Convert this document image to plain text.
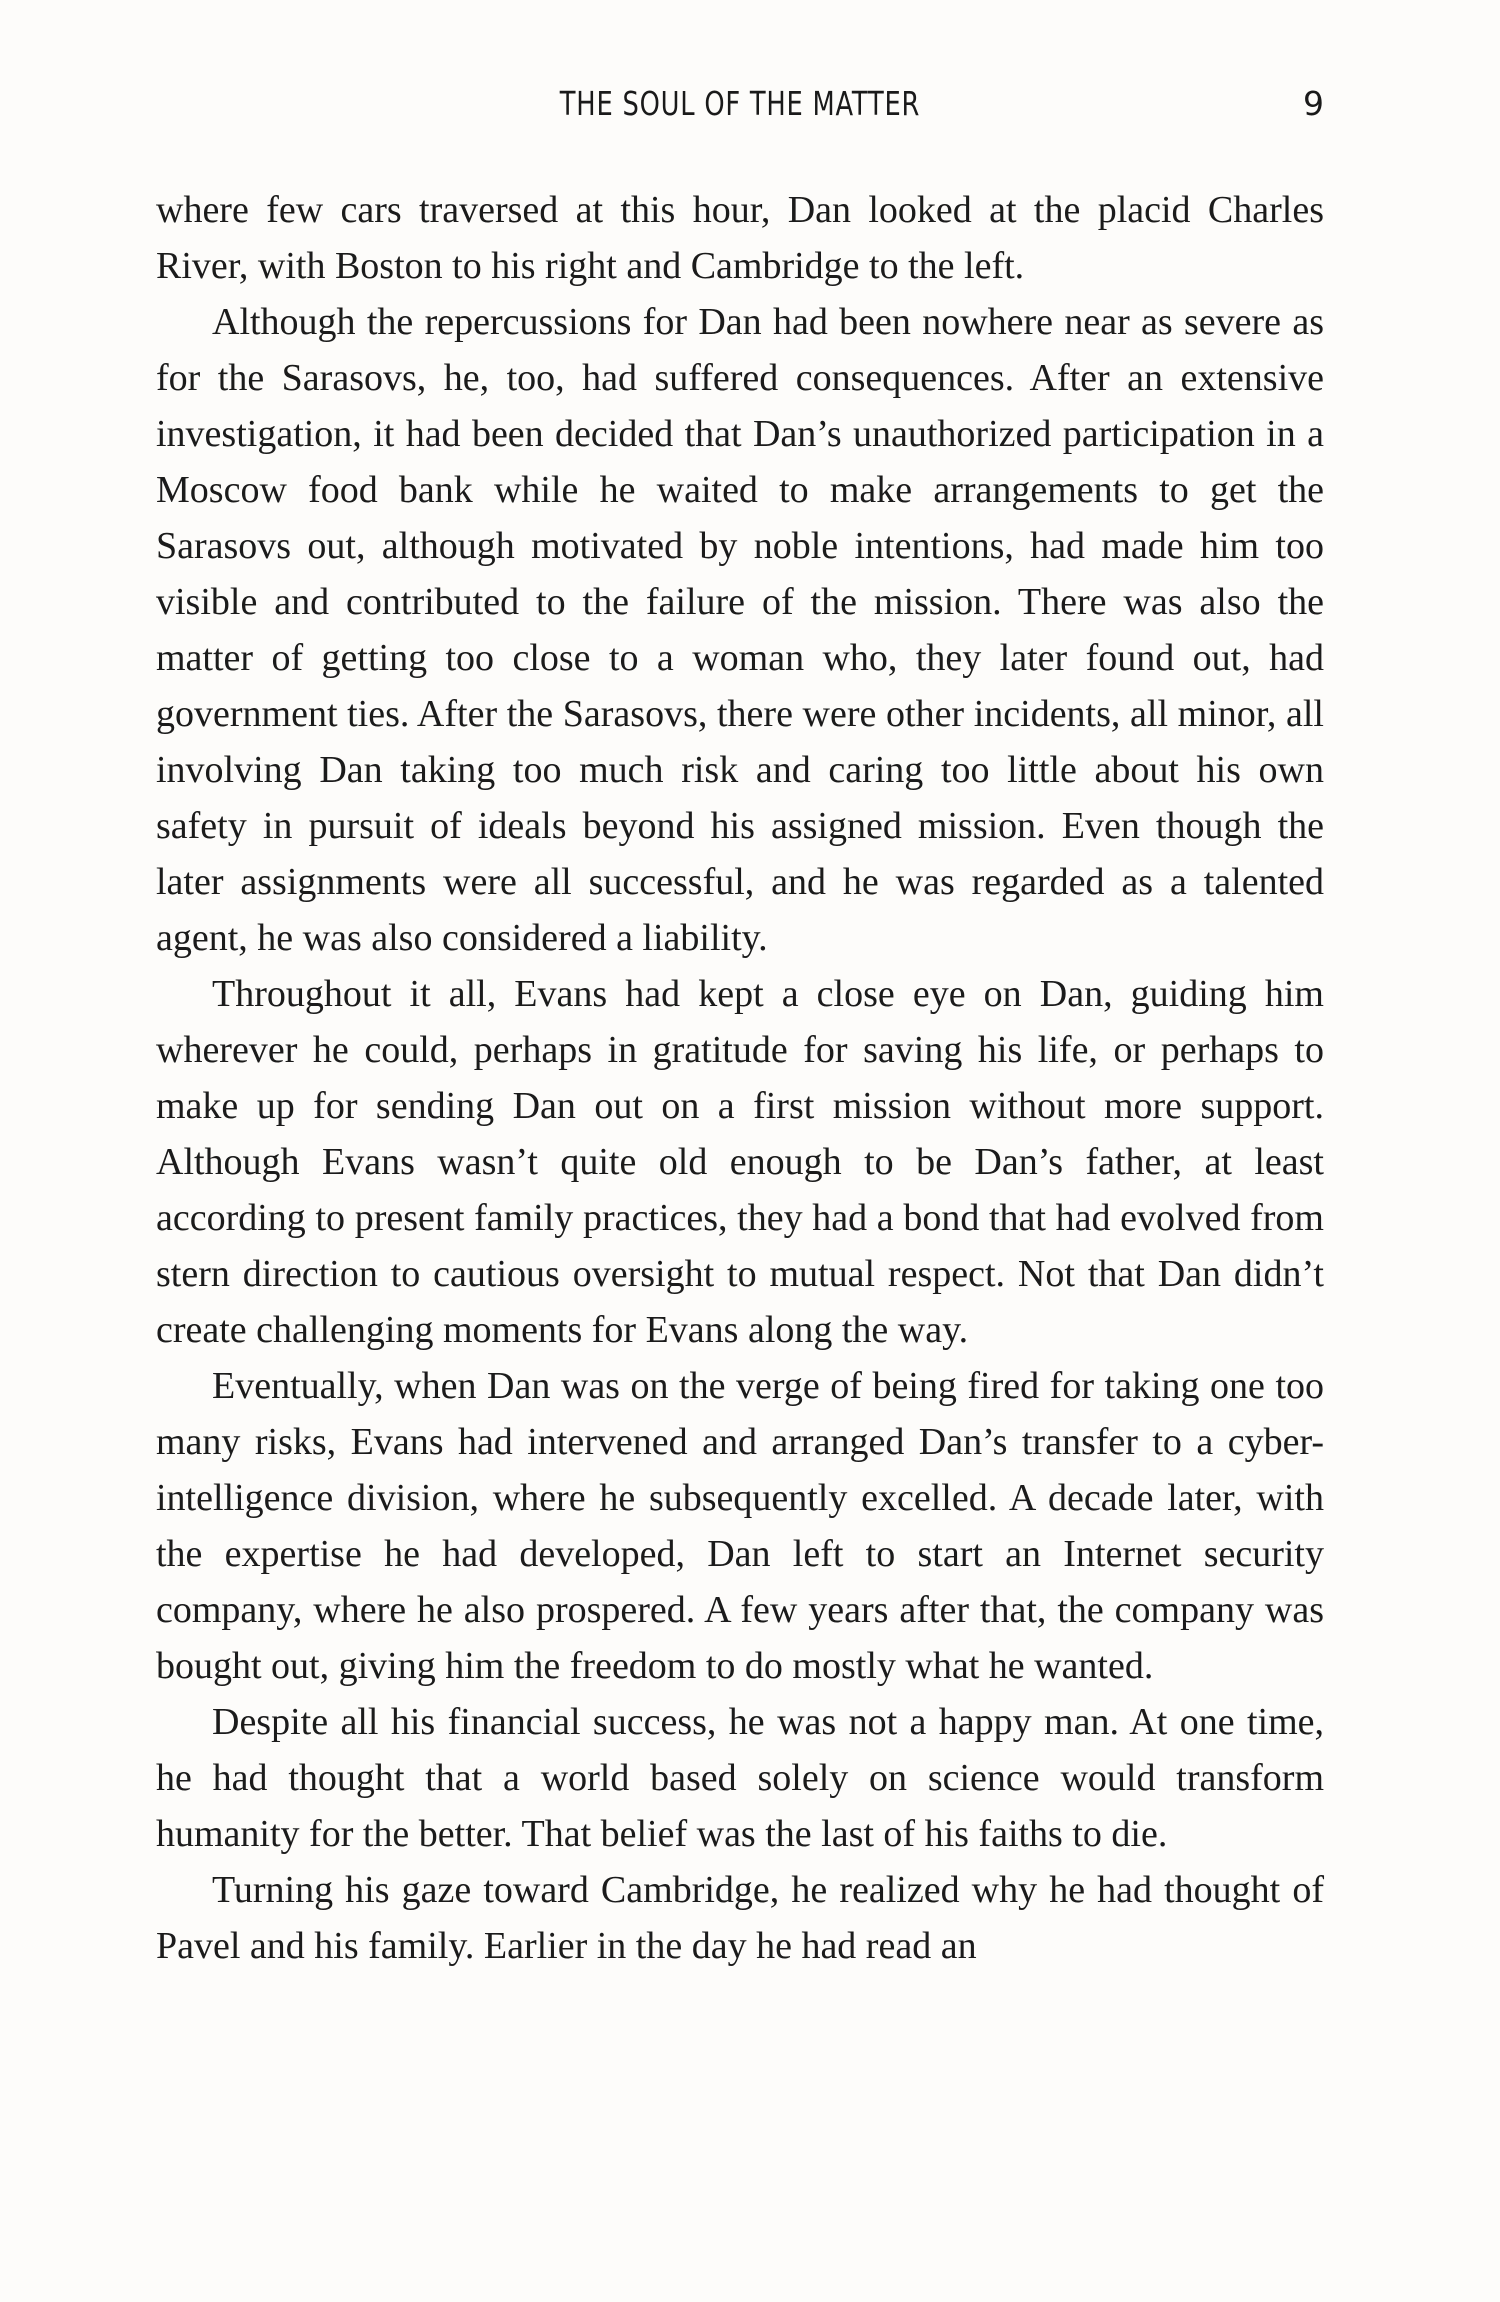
THE SOUL OF THE MATTER	9

where few cars traversed at this hour, Dan looked at the placid Charles River, with Boston to his right and Cambridge to the left.

Although the repercussions for Dan had been nowhere near as severe as for the Sarasovs, he, too, had suffered consequences. After an extensive investigation, it had been decided that Dan’s unauthorized participation in a Moscow food bank while he waited to make arrangements to get the Sarasovs out, although motivated by noble intentions, had made him too visible and contributed to the failure of the mission. There was also the matter of getting too close to a woman who, they later found out, had government ties. After the Sarasovs, there were other incidents, all minor, all involving Dan taking too much risk and caring too little about his own safety in pursuit of ideals beyond his assigned mission. Even though the later assignments were all successful, and he was regarded as a talented agent, he was also considered a liability.

Throughout it all, Evans had kept a close eye on Dan, guiding him wherever he could, perhaps in gratitude for saving his life, or perhaps to make up for sending Dan out on a first mission without more support. Although Evans wasn’t quite old enough to be Dan’s father, at least according to present family practices, they had a bond that had evolved from stern direction to cautious oversight to mutual respect. Not that Dan didn’t create challenging moments for Evans along the way.

Eventually, when Dan was on the verge of being fired for taking one too many risks, Evans had intervened and arranged Dan’s transfer to a cyber-intelligence division, where he subsequently excelled. A decade later, with the expertise he had developed, Dan left to start an Internet security company, where he also prospered. A few years after that, the company was bought out, giving him the freedom to do mostly what he wanted.

Despite all his financial success, he was not a happy man. At one time, he had thought that a world based solely on science would transform humanity for the better. That belief was the last of his faiths to die.

Turning his gaze toward Cambridge, he realized why he had thought of Pavel and his family. Earlier in the day he had read an
